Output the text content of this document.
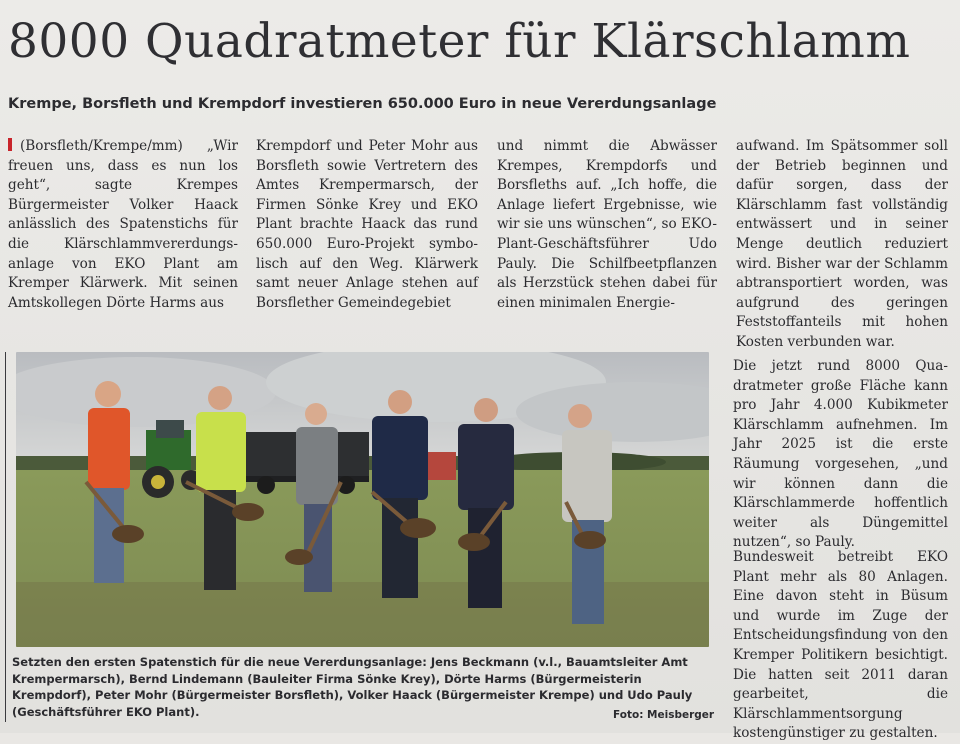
8000 Quadratmeter für Klärschlamm
Krempe, Borsfleth und Krempdorf investieren 650.000 Euro in neue Vererdungsanlage

(Borsfleth/Krempe/mm) „Wir freuen uns, dass es nun los geht“, sagte Krempes Bürgermeister Volker Haack anlässlich des Spatenstichs für die Klärschlammvererdungsanlage von EKO Plant am Kremper Klärwerk. Mit seinen Amtskollegen Dörte Harms aus

Krempdorf und Peter Mohr aus Borsfleth sowie Vertretern des Amtes Krempermarsch, der Firmen Sönke Krey und EKO Plant brachte Haack das rund 650.000 Euro-Projekt symbolisch auf den Weg. Klärwerk samt neuer Anlage stehen auf Borsflether Gemeindegebiet

und nimmt die Abwässer Krempes, Krempdorfs und Borsfleths auf. „Ich hoffe, die Anlage liefert Ergebnisse, wie wir sie uns wünschen“, so EKO-Plant-Geschäftsführer Udo Pauly. Die Schilfbeetpflanzen als Herzstück stehen dabei für einen minimalen Energie-

aufwand. Im Spätsommer soll der Betrieb beginnen und dafür sorgen, dass der Klärschlamm fast vollständig entwässert und in seiner Menge deutlich reduziert wird. Bisher war der Schlamm abtransportiert worden, was aufgrund des geringen Feststoffanteils mit hohen Kosten verbunden war.

Die jetzt rund 8000 Quadratmeter große Fläche kann pro Jahr 4.000 Kubikmeter Klärschlamm aufnehmen. Im Jahr 2025 ist die erste Räumung vorgesehen, „und wir können dann die Klärschlammerde hoffentlich weiter als Düngemittel nutzen“, so Pauly.

Bundesweit betreibt EKO Plant mehr als 80 Anlagen. Eine davon steht in Büsum und wurde im Zuge der Entscheidungsfindung von den Kremper Politikern besichtigt. Die hatten seit 2011 daran gearbeitet, die Klärschlammentsorgung kostengünstiger zu gestalten.

Setzten den ersten Spatenstich für die neue Vererdungsanlage: Jens Beckmann (v.l., Bauamtsleiter Amt Krempermarsch), Bernd Lindemann (Bauleiter Firma Sönke Krey), Dörte Harms (Bürgermeisterin Krempdorf), Peter Mohr (Bürgermeister Borsfleth), Volker Haack (Bürgermeister Krempe) und Udo Pauly (Geschäftsführer EKO Plant).	Foto: Meisberger
